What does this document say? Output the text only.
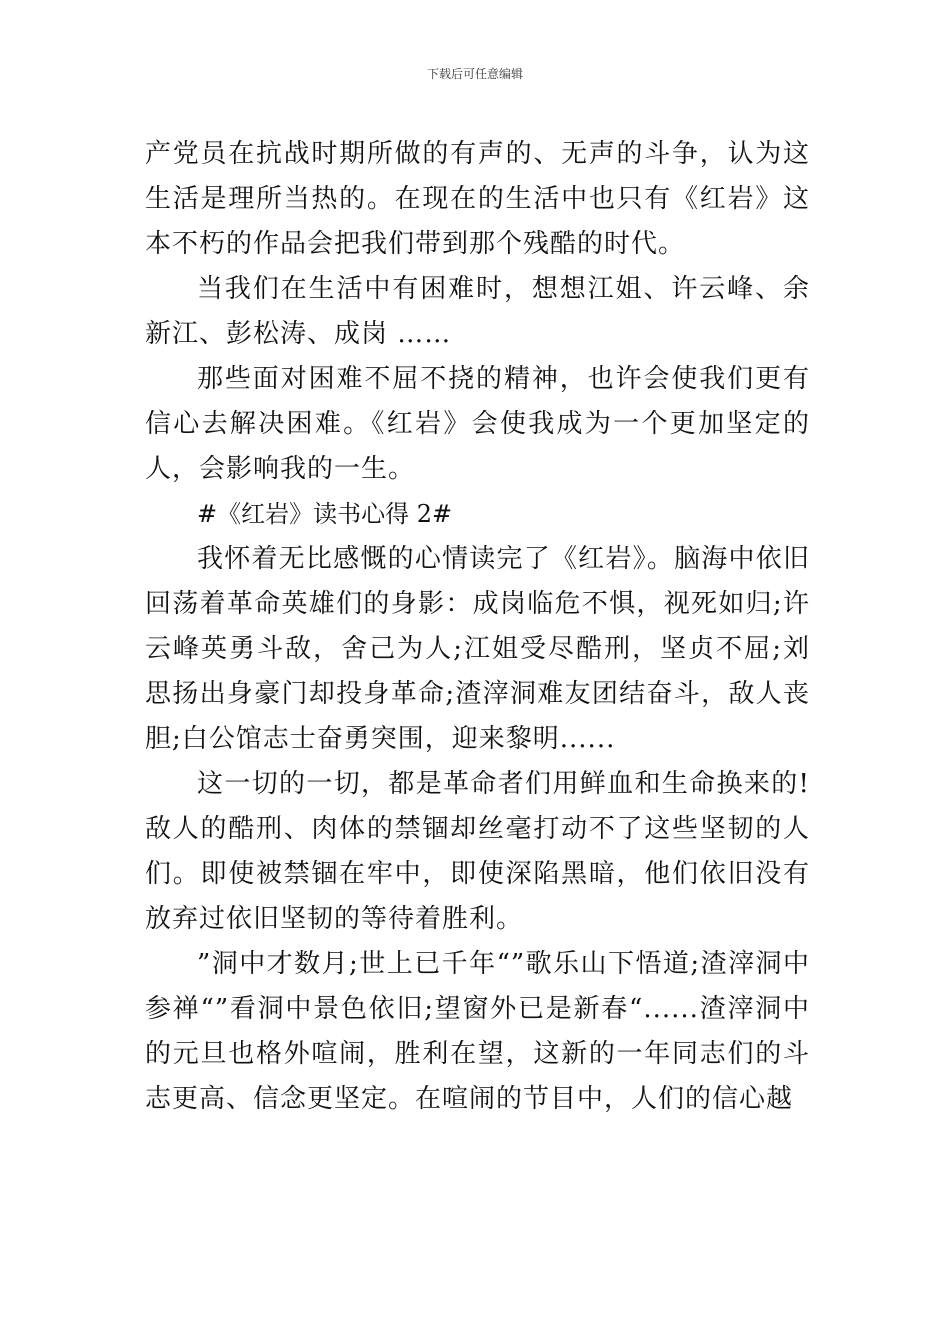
下载后可任意编辑

产党员在抗战时期所做的有声的、无声的斗争，认为这生活是理所当热的。在现在的生活中也只有《红岩》这本不朽的作品会把我们带到那个残酷的时代。

当我们在生活中有困难时，想想江姐、许云峰、余新江、彭松涛、成岗 ……

那些面对困难不屈不挠的精神，也许会使我们更有信心去解决困难。《红岩》会使我成为一个更加坚定的人，会影响我的一生。

#《红岩》读书心得 2#

我怀着无比感慨的心情读完了《红岩》。脑海中依旧回荡着革命英雄们的身影：成岗临危不惧，视死如归;许云峰英勇斗敌，舍己为人;江姐受尽酷刑，坚贞不屈;刘思扬出身豪门却投身革命;渣滓洞难友团结奋斗，敌人丧胆;白公馆志士奋勇突围，迎来黎明......

这一切的一切，都是革命者们用鲜血和生命换来的!敌人的酷刑、肉体的禁锢却丝毫打动不了这些坚韧的人们。即使被禁锢在牢中，即使深陷黑暗，他们依旧没有放弃过依旧坚韧的等待着胜利。

”洞中才数月;世上已千年“”歌乐山下悟道;渣滓洞中参禅“”看洞中景色依旧;望窗外已是新春“......渣滓洞中的元旦也格外喧闹，胜利在望，这新的一年同志们的斗志更高、信念更坚定。在喧闹的节目中，人们的信心越
